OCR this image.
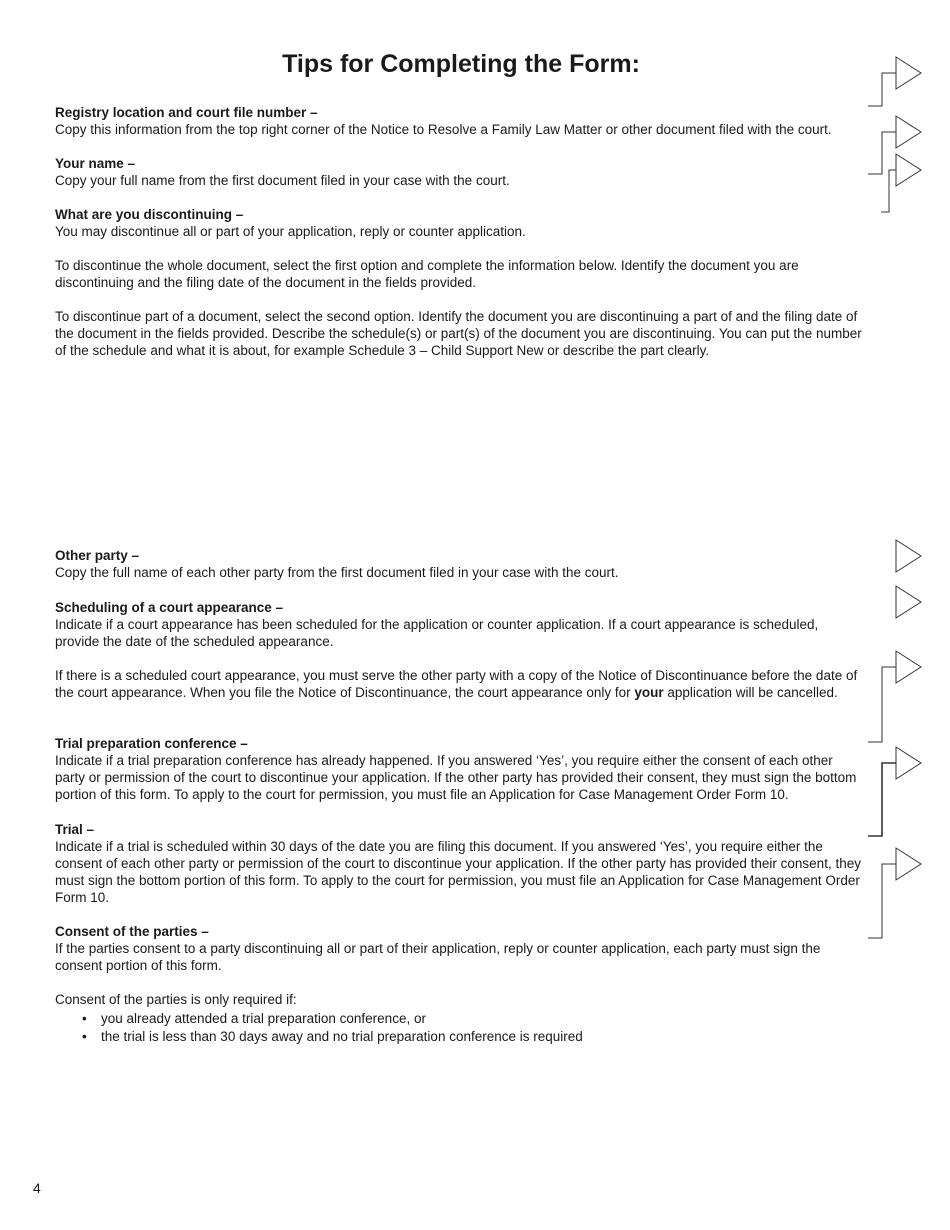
Tips for Completing the Form:
Registry location and court file number –

Copy this information from the top right corner of the Notice to Resolve a Family Law Matter or other document filed with the court.

Your name –

Copy your full name from the first document filed in your case with the court.

What are you discontinuing –

You may discontinue all or part of your application, reply or counter application.

To discontinue the whole document, select the first option and complete the information below. Identify the document you are discontinuing and the filing date of the document in the fields provided.

To discontinue part of a document, select the second option. Identify the document you are discontinuing a part of and the filing date of the document in the fields provided. Describe the schedule(s) or part(s) of the document you are discontinuing. You can put the number of the schedule and what it is about, for example Schedule 3 – Child Support New or describe the part clearly.

Other party –

Copy the full name of each other party from the first document filed in your case with the court.

Scheduling of a court appearance –

Indicate if a court appearance has been scheduled for the application or counter application. If a court appearance is scheduled, provide the date of the scheduled appearance.

If there is a scheduled court appearance, you must serve the other party with a copy of the Notice of Discontinuance before the date of the court appearance. When you file the Notice of Discontinuance, the court appearance only for your application will be cancelled.

Trial preparation conference –

Indicate if a trial preparation conference has already happened. If you answered ‘Yes’, you require either the consent of each other party or permission of the court to discontinue your application. If the other party has provided their consent, they must sign the bottom portion of this form. To apply to the court for permission, you must file an Application for Case Management Order Form 10.

Trial –

Indicate if a trial is scheduled within 30 days of the date you are filing this document. If you answered ‘Yes’, you require either the consent of each other party or permission of the court to discontinue your application. If the other party has provided their consent, they must sign the bottom portion of this form. To apply to the court for permission, you must file an Application for Case Management Order Form 10.

Consent of the parties –

If the parties consent to a party discontinuing all or part of their application, reply or counter application, each party must sign the consent portion of this form.

Consent of the parties is only required if:

• you already attended a trial preparation conference, or
• the trial is less than 30 days away and no trial preparation conference is required
4
